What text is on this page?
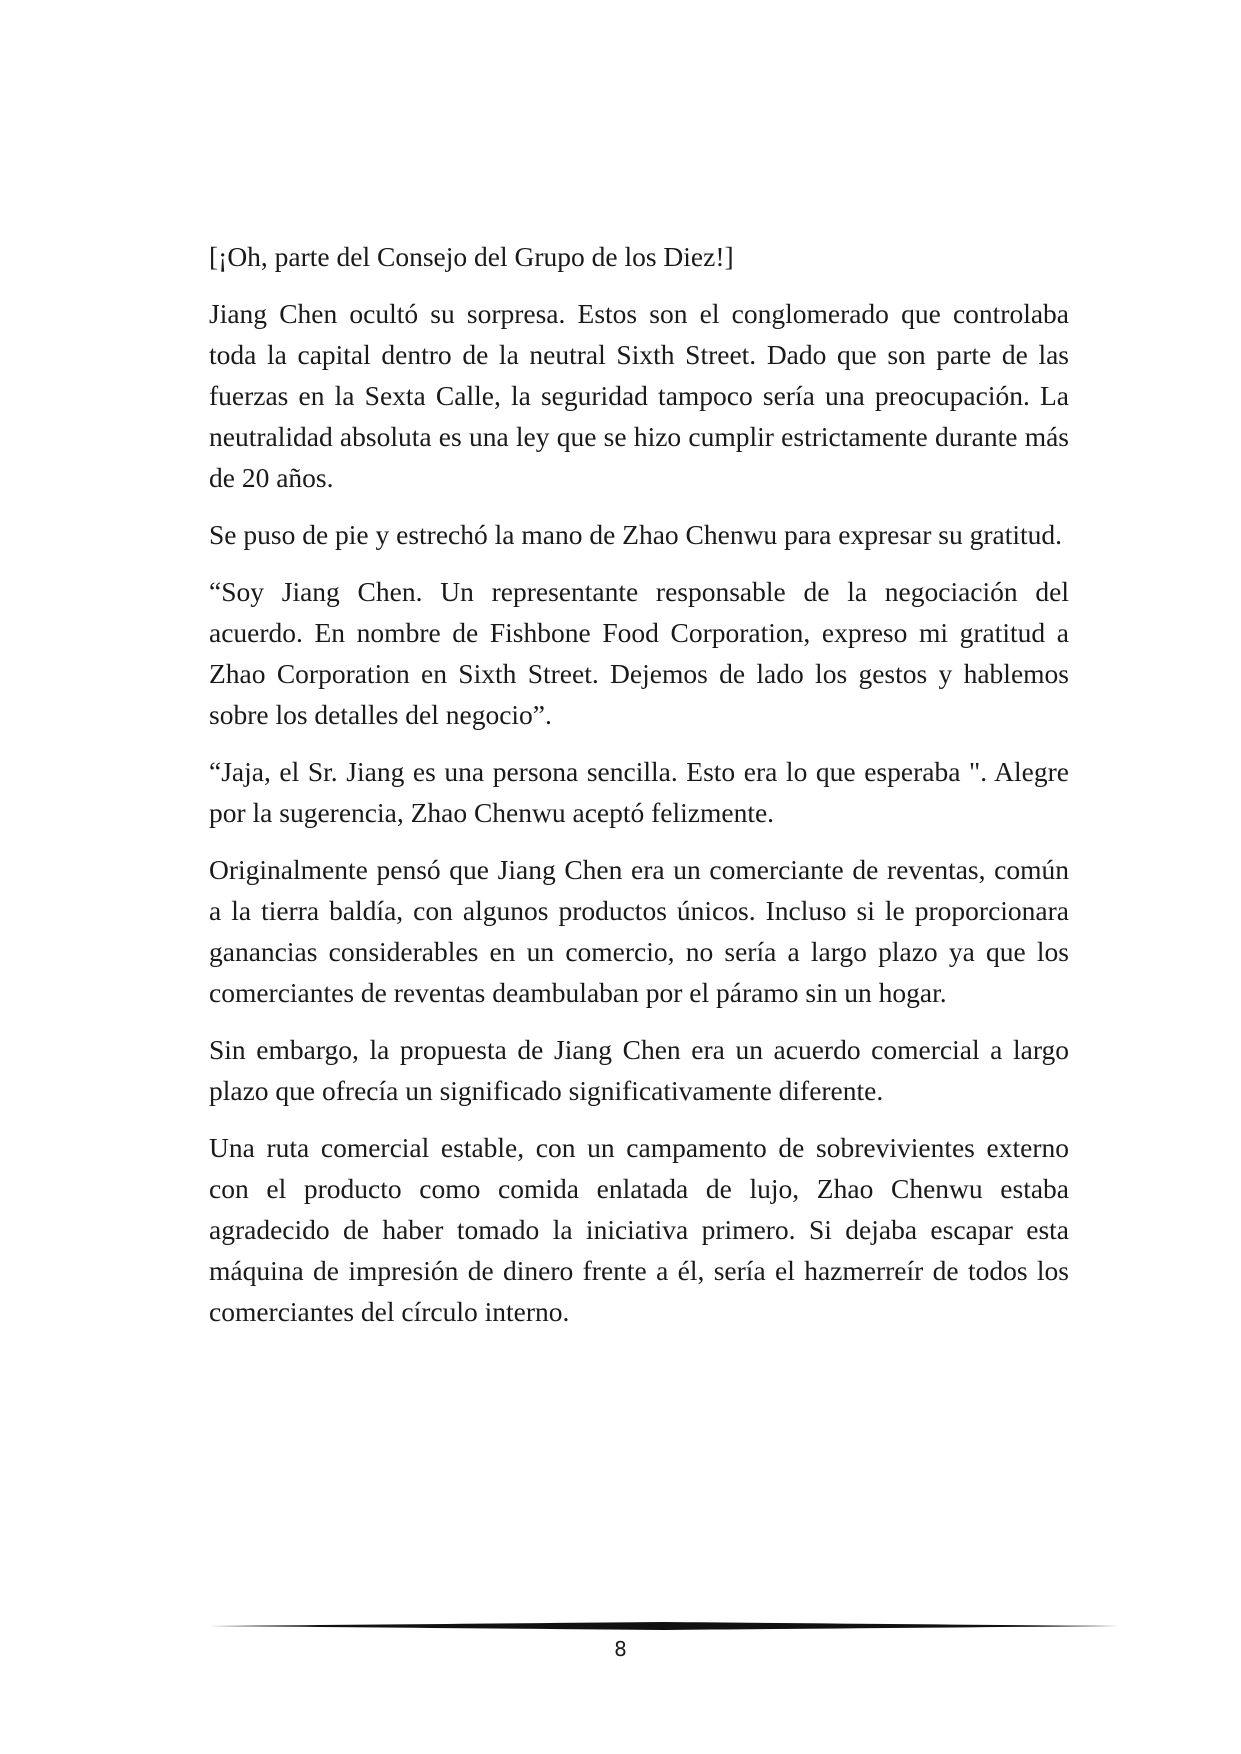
[¡Oh, parte del Consejo del Grupo de los Diez!]

Jiang Chen ocultó su sorpresa. Estos son el conglomerado que controlaba toda la capital dentro de la neutral Sixth Street. Dado que son parte de las fuerzas en la Sexta Calle, la seguridad tampoco sería una preocupación. La neutralidad absoluta es una ley que se hizo cumplir estrictamente durante más de 20 años.

Se puso de pie y estrechó la mano de Zhao Chenwu para expresar su gratitud.

“Soy Jiang Chen. Un representante responsable de la negociación del acuerdo. En nombre de Fishbone Food Corporation, expreso mi gratitud a Zhao Corporation en Sixth Street. Dejemos de lado los gestos y hablemos sobre los detalles del negocio”.

“Jaja, el Sr. Jiang es una persona sencilla. Esto era lo que esperaba ". Alegre por la sugerencia, Zhao Chenwu aceptó felizmente.

Originalmente pensó que Jiang Chen era un comerciante de reventas, común a la tierra baldía, con algunos productos únicos. Incluso si le proporcionara ganancias considerables en un comercio, no sería a largo plazo ya que los comerciantes de reventas deambulaban por el páramo sin un hogar.

Sin embargo, la propuesta de Jiang Chen era un acuerdo comercial a largo plazo que ofrecía un significado significativamente diferente.

Una ruta comercial estable, con un campamento de sobrevivientes externo con el producto como comida enlatada de lujo, Zhao Chenwu estaba agradecido de haber tomado la iniciativa primero. Si dejaba escapar esta máquina de impresión de dinero frente a él, sería el hazmerreír de todos los comerciantes del círculo interno.

8
